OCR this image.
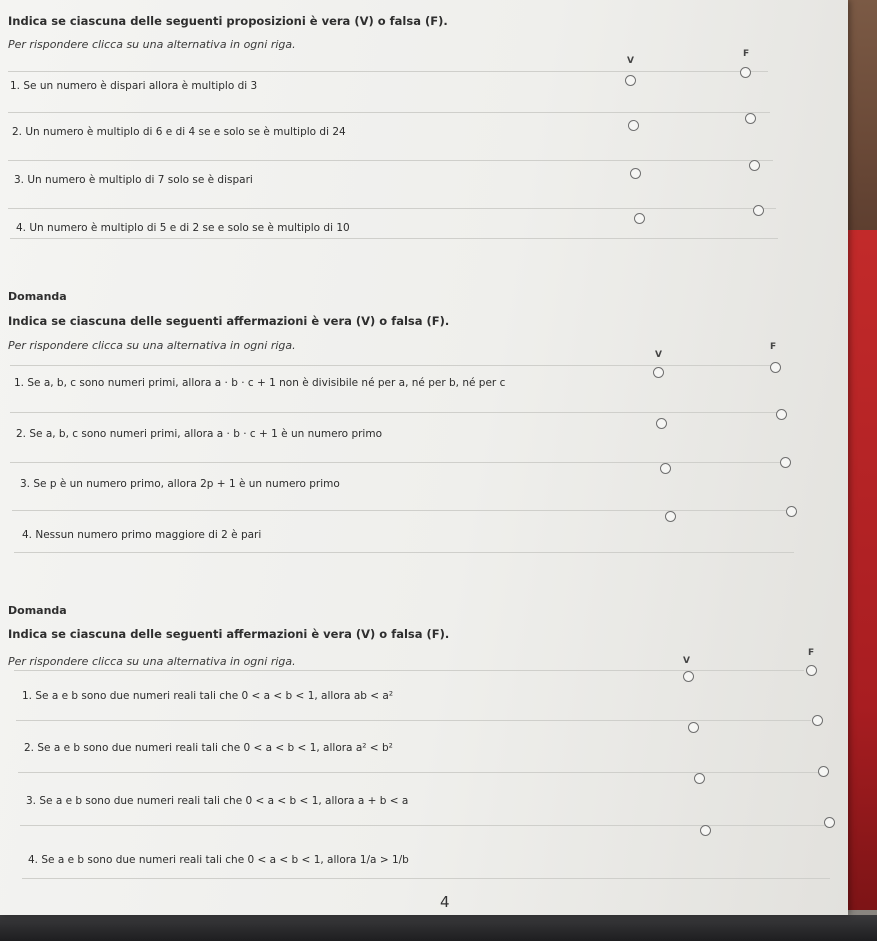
Indica se ciascuna delle seguenti proposizioni è vera (V) o falsa (F).
Per rispondere clicca su una alternativa in ogni riga.
V
F
1. Se un numero è dispari allora è multiplo di 3
2. Un numero è multiplo di 6 e di 4 se e solo se è multiplo di 24
3. Un numero è multiplo di 7 solo se è dispari
4. Un numero è multiplo di 5 e di 2 se e solo se è multiplo di 10
Domanda
Indica se ciascuna delle seguenti affermazioni è vera (V) o falsa (F).
Per rispondere clicca su una alternativa in ogni riga.
V
F
1. Se a, b, c sono numeri primi, allora a · b · c + 1 non è divisibile né per a, né per b, né per c
2. Se a, b, c sono numeri primi, allora a · b · c + 1 è un numero primo
3. Se p è un numero primo, allora 2p + 1 è un numero primo
4. Nessun numero primo maggiore di 2 è pari
Domanda
Indica se ciascuna delle seguenti affermazioni è vera (V) o falsa (F).
Per rispondere clicca su una alternativa in ogni riga.	V
F
1. Se a e b sono due numeri reali tali che 0 < a < b < 1, allora ab < a²
2. Se a e b sono due numeri reali tali che 0 < a < b < 1, allora a² < b²
3. Se a e b sono due numeri reali tali che 0 < a < b < 1, allora a + b < a
4. Se a e b sono due numeri reali tali che 0 < a < b < 1, allora 1/a > 1/b
4
